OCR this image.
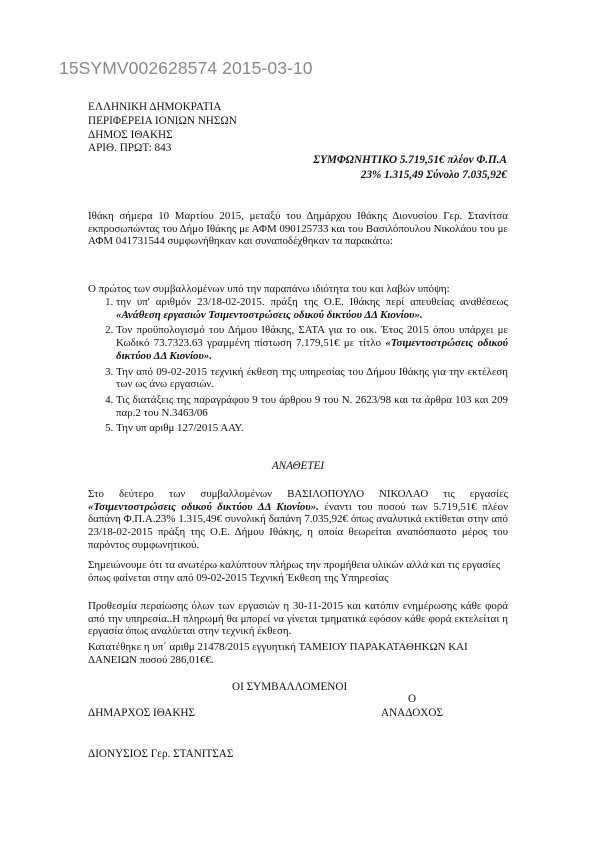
15SYMV002628574 2015-03-10
ΕΛΛΗΝΙΚΗ ΔΗΜΟΚΡΑΤΙΑ
ΠΕΡΙΦΕΡΕΙΑ ΙΟΝΙΩΝ ΝΗΣΩΝ
ΔΗΜΟΣ ΙΘΑΚΗΣ
ΑΡΙΘ. ΠΡΩΤ: 843
ΣΥΜΦΩΝΗΤΙΚΟ 5.719,51€ πλέον Φ.Π.Α
23% 1.315,49 Σύνολο 7.035,92€
Ιθάκη σήμερα 10 Μαρτίου 2015, μεταξύ του Δημάρχου Ιθάκης Διονυσίου Γερ. Στανίτσα εκπροσωπώντας του Δήμο Ιθάκης με ΑΦΜ 090125733 και του Βασιλόπουλου Νικολάου του με ΑΦΜ 041731544 συμφωνήθηκαν και συναποδέχθηκαν τα παρακάτω:
Ο πρώτος των συμβαλλομένων υπό την παραπάνω ιδιότητα του και λαβών υπόψη:
1. την υπ' αριθμόν 23/18-02-2015. πράξη της Ο.Ε. Ιθάκης περί απευθείας αναθέσεως «Ανάθεση εργασιών Τσιμεντοστρώσεις οδικού δικτύου ΔΔ Κιονίου».
2. Τον προϋπολογισμό του Δήμου Ιθάκης, ΣΑΤΑ για το οικ. Έτος 2015 όπου υπάρχει με Κωδικό 73.7323.63 γραμμένη πίστωση 7.179,51€ με τίτλο «Τσιμεντοστρώσεις οδικού δικτύου ΔΔ Κιονίου».
3. Την από 09-02-2015 τεχνική έκθεση της υπηρεσίας του Δήμου Ιθάκης για την εκτέλεση των ως άνω εργασιών.
4. Τις διατάξεις της παραγράφου 9 του άρθρου 9 του Ν. 2623/98 και τα άρθρα 103 και 209 παρ.2 του Ν.3463/06
5. Την υπ αριθμ 127/2015 ΑΑΥ.
ΑΝΑΘΕΤΕΙ
Στο δεύτερο των συμβαλλομένων ΒΑΣΙΛΟΠΟΥΛΟ ΝΙΚΟΛΑΟ τις εργασίες «Τσιμεντοστρώσεις οδικού δικτύου ΔΔ Κιονίου». έναντι του ποσού των 5.719,51€ πλέον δαπάνη Φ.Π.Α.23% 1.315,49€ συνολική δαπάνη 7.035,92€ όπως αναλυτικά εκτίθεται στην από 23/18-02-2015 πράξη της Ο.Ε. Δήμου Ιθάκης, η οποία θεωρείται αναπόσπαστο μέρος του παρόντος συμφωνητικού.
Σημειώνουμε ότι τα ανωτέρω καλύπτουν πλήρως την προμήθεια υλικών αλλά και τις εργασίες όπως φαίνεται στην από 09-02-2015 Τεχνική Έκθεση της Υπηρεσίας
Προθεσμία περαίωσης όλων των εργασιών η 30-11-2015 και κατόπιν ενημέρωσης κάθε φορά από την υπηρεσία..Η πληρωμή θα μπορεί να γίνεται τμηματικά εφόσον κάθε φορά εκτελείται η εργασία όπως αναλύεται στην τεχνική έκθεση.
Κατατέθηκε η υπ΄ αριθμ 21478/2015 εγγυητική ΤΑΜΕΙΟΥ ΠΑΡΑΚΑΤΑΘΗΚΩΝ ΚΑΙ ΔΑΝΕΙΩΝ ποσού 286,01€€.
ΟΙ ΣΥΜΒΑΛΛΟΜΕΝΟΙ
Ο
ΔΗΜΑΡΧΟΣ ΙΘΑΚΗΣ	ΑΝΑΔΟΧΟΣ
ΔΙΟΝΥΣΙΟΣ Γερ. ΣΤΑΝΙΤΣΑΣ
